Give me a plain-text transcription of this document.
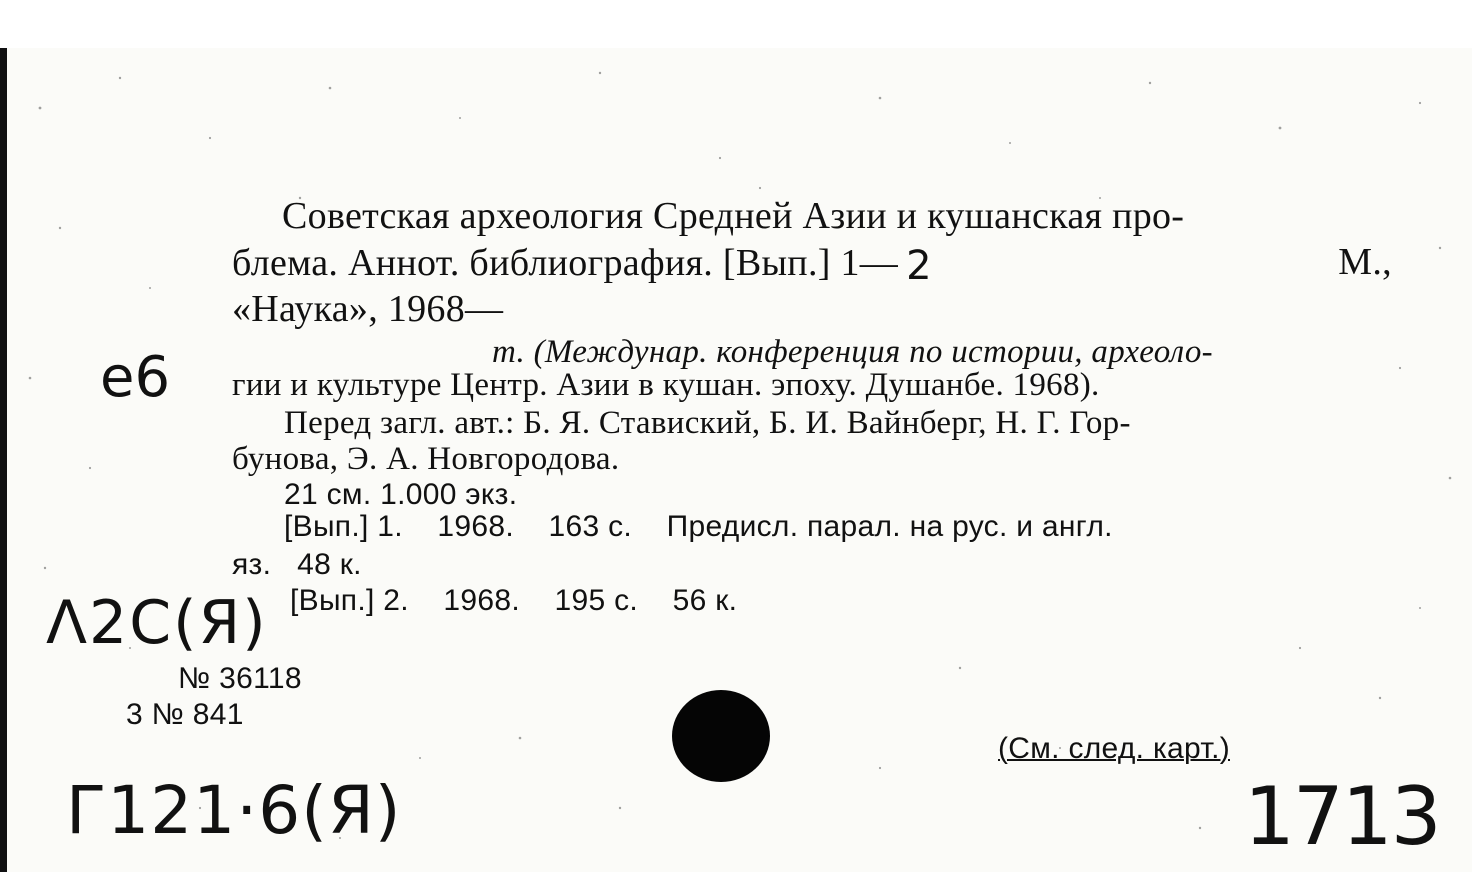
Советская археология Средней Азии и кушанская про-
блема. Аннот. библиография. [Вып.] 1— 2	М.,
«Наука», 1968—
т. (Междунар. конференция по истории, археоло-
гии и культуре Центр. Азии в кушан. эпоху. Душанбе. 1968).
Перед загл. авт.: Б. Я. Ставиский, Б. И. Вайнберг, Н. Г. Гор-
бунова, Э. А. Новгородова.
21 см. 1.000 экз.
[Вып.] 1.    1968.    163 с.    Предисл. парал. на рус. и англ.
яз.   48 к.
[Вып.] 2.    1968.    195 с.    56 к.
№ 36118
3 № 841
(См. след. карт.)
е6
Λ2С(Я)
Г121·6(Я)	1713
